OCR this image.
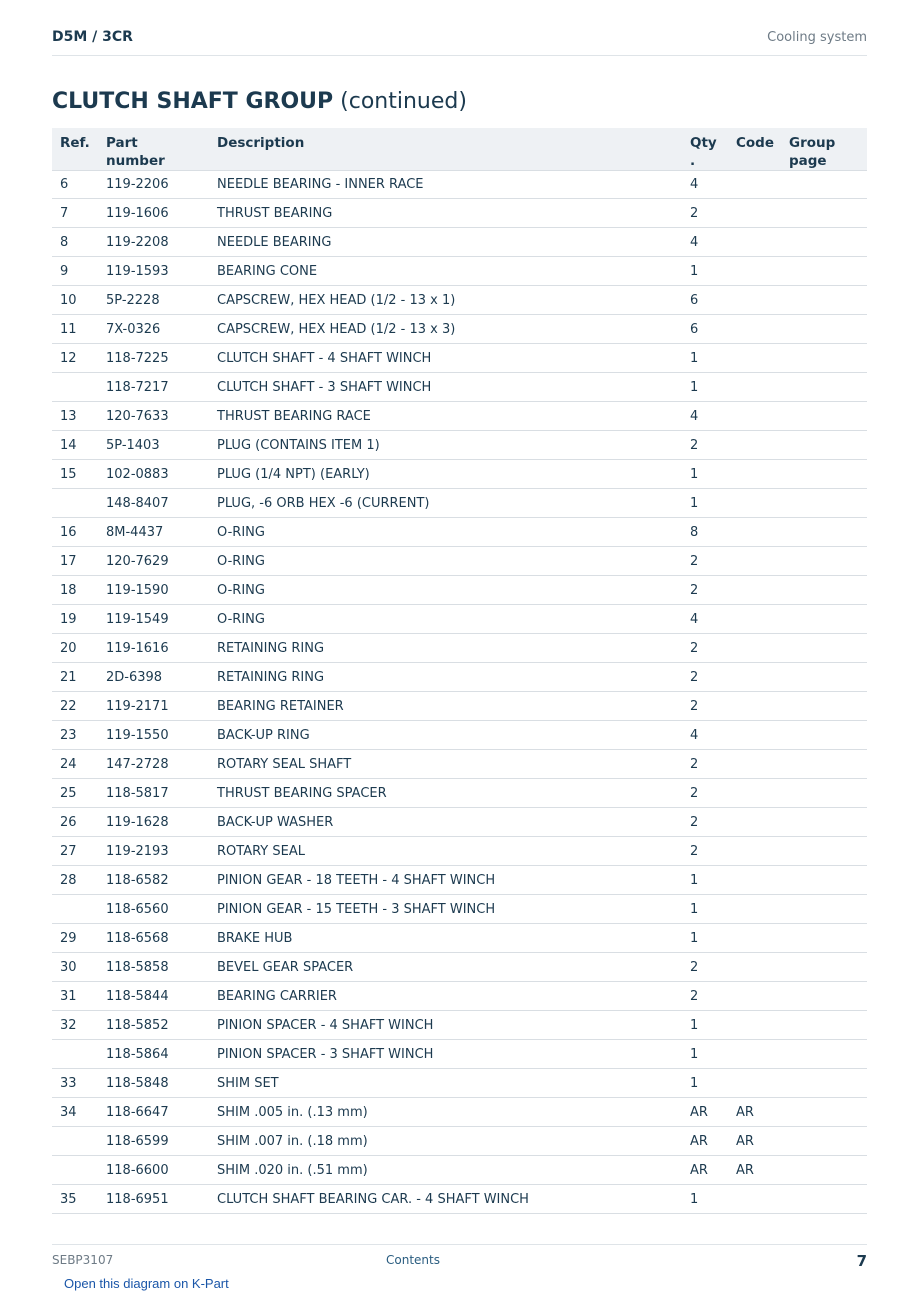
D5M / 3CR	Cooling system
CLUTCH SHAFT GROUP (continued)
Ref.	Part number	Description	Qty .	Code	Group page
6	119-2206	NEEDLE BEARING - INNER RACE	4		
7	119-1606	THRUST BEARING	2		
8	119-2208	NEEDLE BEARING	4		
9	119-1593	BEARING CONE	1		
10	5P-2228	CAPSCREW, HEX HEAD (1/2 - 13 x 1)	6		
11	7X-0326	CAPSCREW, HEX HEAD (1/2 - 13 x 3)	6		
12	118-7225	CLUTCH SHAFT - 4 SHAFT WINCH	1		
	118-7217	CLUTCH SHAFT - 3 SHAFT WINCH	1		
13	120-7633	THRUST BEARING RACE	4		
14	5P-1403	PLUG (CONTAINS ITEM 1)	2		
15	102-0883	PLUG (1/4 NPT) (EARLY)	1		
	148-8407	PLUG, -6 ORB HEX -6 (CURRENT)	1		
16	8M-4437	O-RING	8		
17	120-7629	O-RING	2		
18	119-1590	O-RING	2		
19	119-1549	O-RING	4		
20	119-1616	RETAINING RING	2		
21	2D-6398	RETAINING RING	2		
22	119-2171	BEARING RETAINER	2		
23	119-1550	BACK-UP RING	4		
24	147-2728	ROTARY SEAL SHAFT	2		
25	118-5817	THRUST BEARING SPACER	2		
26	119-1628	BACK-UP WASHER	2		
27	119-2193	ROTARY SEAL	2		
28	118-6582	PINION GEAR - 18 TEETH - 4 SHAFT WINCH	1		
	118-6560	PINION GEAR - 15 TEETH - 3 SHAFT WINCH	1		
29	118-6568	BRAKE HUB	1		
30	118-5858	BEVEL GEAR SPACER	2		
31	118-5844	BEARING CARRIER	2		
32	118-5852	PINION SPACER - 4 SHAFT WINCH	1		
	118-5864	PINION SPACER - 3 SHAFT WINCH	1		
33	118-5848	SHIM SET	1		
34	118-6647	SHIM .005 in. (.13 mm)	AR	AR	
	118-6599	SHIM .007 in. (.18 mm)	AR	AR	
	118-6600	SHIM .020 in. (.51 mm)	AR	AR	
35	118-6951	CLUTCH SHAFT BEARING CAR. - 4 SHAFT WINCH	1		
SEBP3107	Contents	7
Open this diagram on K-Part
